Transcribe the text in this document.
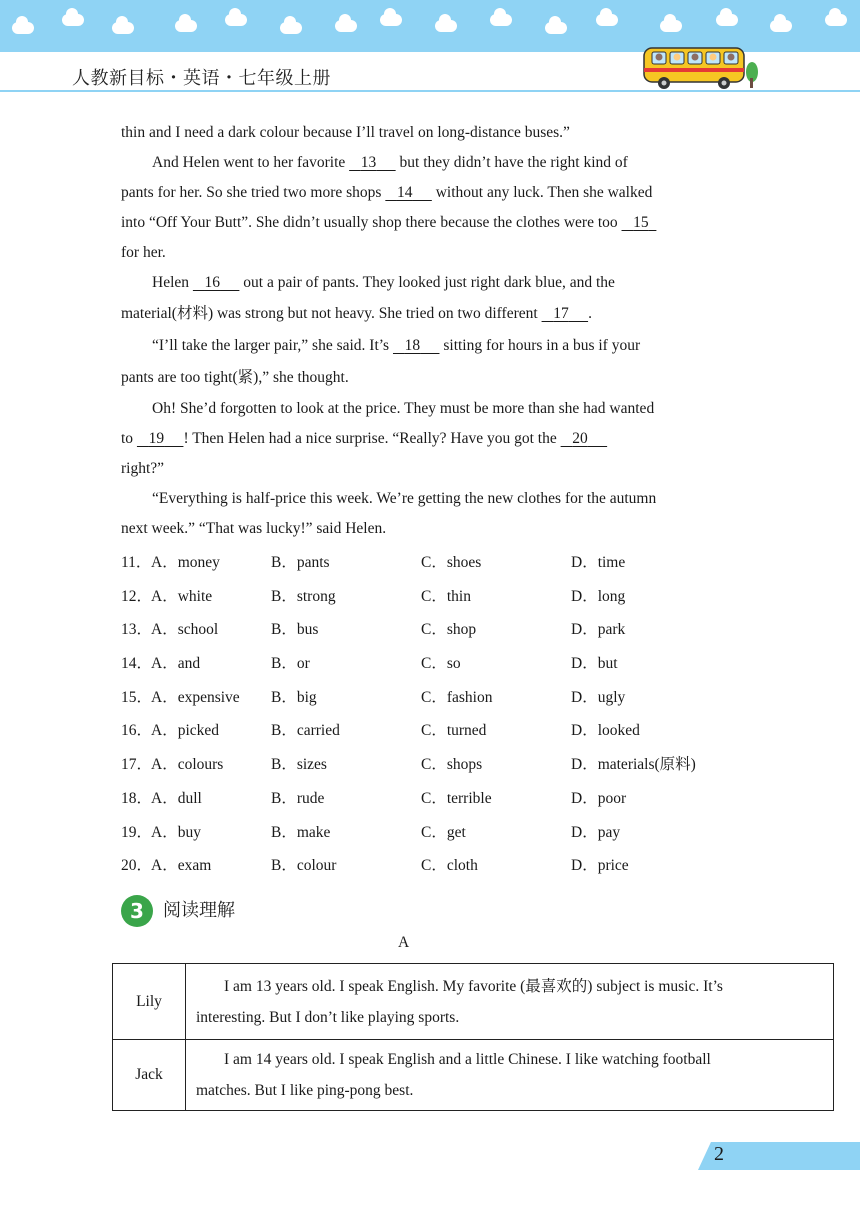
人教新目标・英语・七年级上册
thin and I need a dark colour because I’ll travel on long-distance buses.”
And Helen went to her favorite    13      but they didn’t have the right kind of
pants for her. So she tried two more shops    14      without any luck. Then she walked
into “Off Your Butt”. She didn’t usually shop there because the clothes were too    15
for her.
Helen    16      out a pair of pants. They looked just right dark blue, and the
material(材料) was strong but not heavy. She tried on two different    17 .
“I’ll take the larger pair,” she said. It’s    18      sitting for hours in a bus if your
pants are too tight(紧),” she thought.
Oh! She’d forgotten to look at the price. They must be more than she had wanted
to    19 ! Then Helen had a nice surprise. “Really? Have you got the    20
right?”
“Everything is half-price this week. We’re getting the new clothes for the autumn
next week.” “That was lucky!” said Helen.
11． A．money	B．pants	C．shoes	D．time
12．
A．white	B．strong	C．thin	D．long
13．
A．school	B．bus	C．shop	D．park
14．
A．and	B．or	C．so	D．but
15．
A．expensive B．big	C．fashion	D．ugly
16．
A．picked	B．carried	C．turned	D．looked
17．
A．colours	B．sizes	C．shops	D．materials(原料)
18．
A．dull	B．rude	C．terrible	D．poor
19．
A．buy	B．make	C．get	D．pay
20．
A．exam	B．colour	C．cloth	D．price
3	阅读理解
A
Lily	I am 13 years old. I speak English. My favorite (最喜欢的) subject is music. It’s
interesting. But I don’t like playing sports.

Jack	I am 14 years old. I speak English and a little Chinese. I like watching football
matches. But I like ping-pong best.
2
